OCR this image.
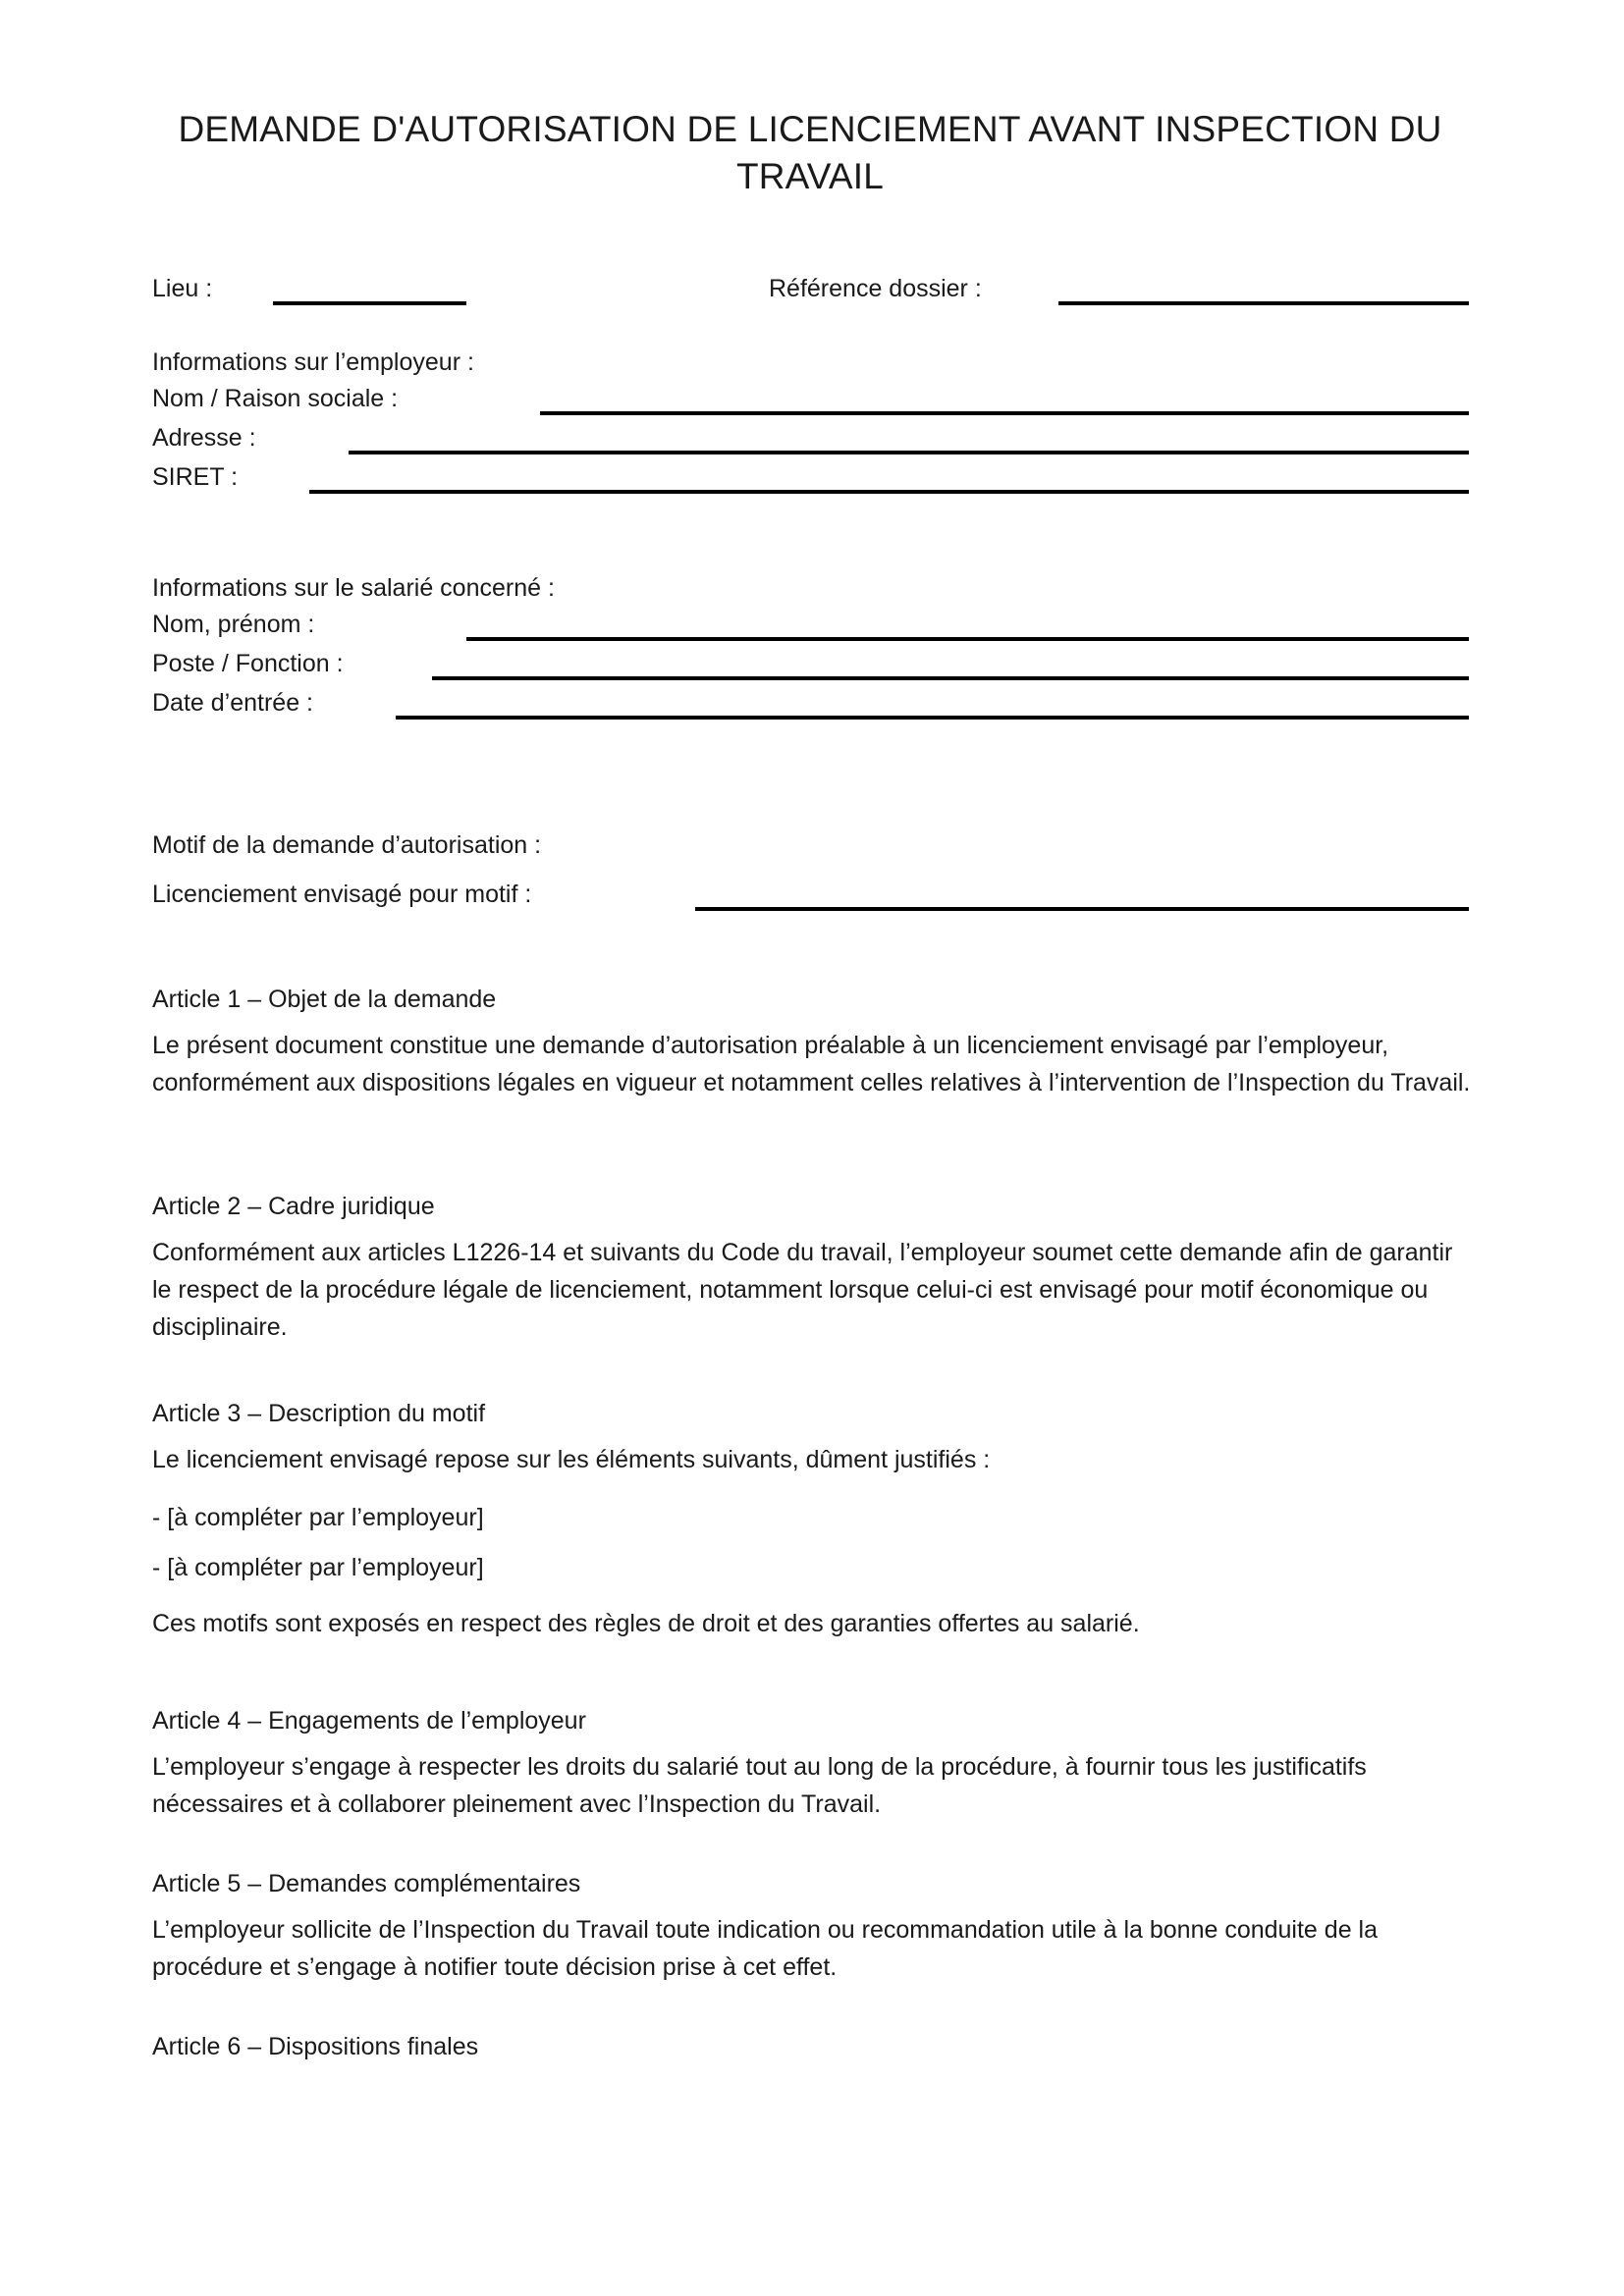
DEMANDE D'AUTORISATION DE LICENCIEMENT AVANT INSPECTION DU TRAVAIL
Lieu :	Référence dossier :
Informations sur l’employeur :
Nom / Raison sociale :
Adresse :
SIRET :
Informations sur le salarié concerné :
Nom, prénom :
Poste / Fonction :
Date d’entrée :
Motif de la demande d’autorisation :
Licenciement envisagé pour motif :
Article 1 – Objet de la demande
Le présent document constitue une demande d’autorisation préalable à un licenciement envisagé par l’employeur, conformément aux dispositions légales en vigueur et notamment celles relatives à l’intervention de l’Inspection du Travail.
Article 2 – Cadre juridique
Conformément aux articles L1226-14 et suivants du Code du travail, l’employeur soumet cette demande afin de garantir le respect de la procédure légale de licenciement, notamment lorsque celui-ci est envisagé pour motif économique ou disciplinaire.
Article 3 – Description du motif
Le licenciement envisagé repose sur les éléments suivants, dûment justifiés :
- [à compléter par l’employeur]
- [à compléter par l’employeur]
Ces motifs sont exposés en respect des règles de droit et des garanties offertes au salarié.
Article 4 – Engagements de l’employeur
L’employeur s’engage à respecter les droits du salarié tout au long de la procédure, à fournir tous les justificatifs nécessaires et à collaborer pleinement avec l’Inspection du Travail.
Article 5 – Demandes complémentaires
L’employeur sollicite de l’Inspection du Travail toute indication ou recommandation utile à la bonne conduite de la procédure et s’engage à notifier toute décision prise à cet effet.
Article 6 – Dispositions finales
